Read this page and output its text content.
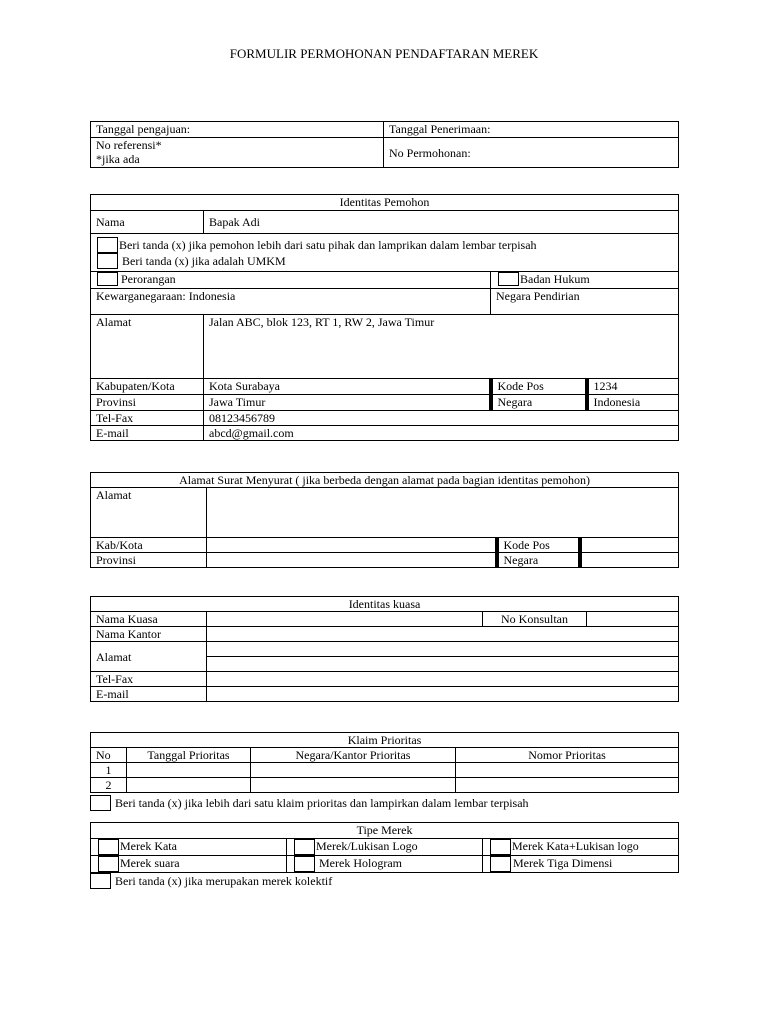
FORMULIR PERMOHONAN PENDAFTARAN MEREK
Tanggal pengajuan:	Tanggal Penerimaan:

No referensi*
*jika ada	No Permohonan:
Identitas Pemohon			
Nama	Bapak Adi		

Beri tanda (x) jika pemohon lebih dari satu pihak dan lamprikan dalam lembar terpisah
Beri tanda (x) jika adalah UMKM			

Perorangan		Badan Hukum	
Kewarganegaraan: Indonesia		Negara Pendirian	
Alamat	Jalan ABC, blok 123, RT 1, RW 2, Jawa Timur		
Kabupaten/Kota	Kota Surabaya	Kode Pos	1234
Provinsi	Jawa Timur	Negara	Indonesia
Tel-Fax	08123456789		
E-mail	abcd@gmail.com		
Alamat Surat Menyurat ( jika berbeda dengan alamat pada bagian identitas pemohon)			
Alamat			
Kab/Kota		Kode Pos	
Provinsi		Negara	
Identitas kuasa			
Nama Kuasa		No Konsultan	
Nama Kantor			
Alamat			

Tel-Fax			
E-mail			
Klaim Prioritas			
No	Tanggal Prioritas	Negara/Kantor Prioritas	Nomor Prioritas
1			
2			
Beri tanda (x) jika lebih dari satu klaim prioritas dan lampirkan dalam lembar terpisah
Tipe Merek		
Merek Kata	Merek/Lukisan Logo	Merek Kata+Lukisan logo
Merek suara	Merek Hologram	Merek Tiga Dimensi
Beri tanda (x) jika merupakan merek kolektif
